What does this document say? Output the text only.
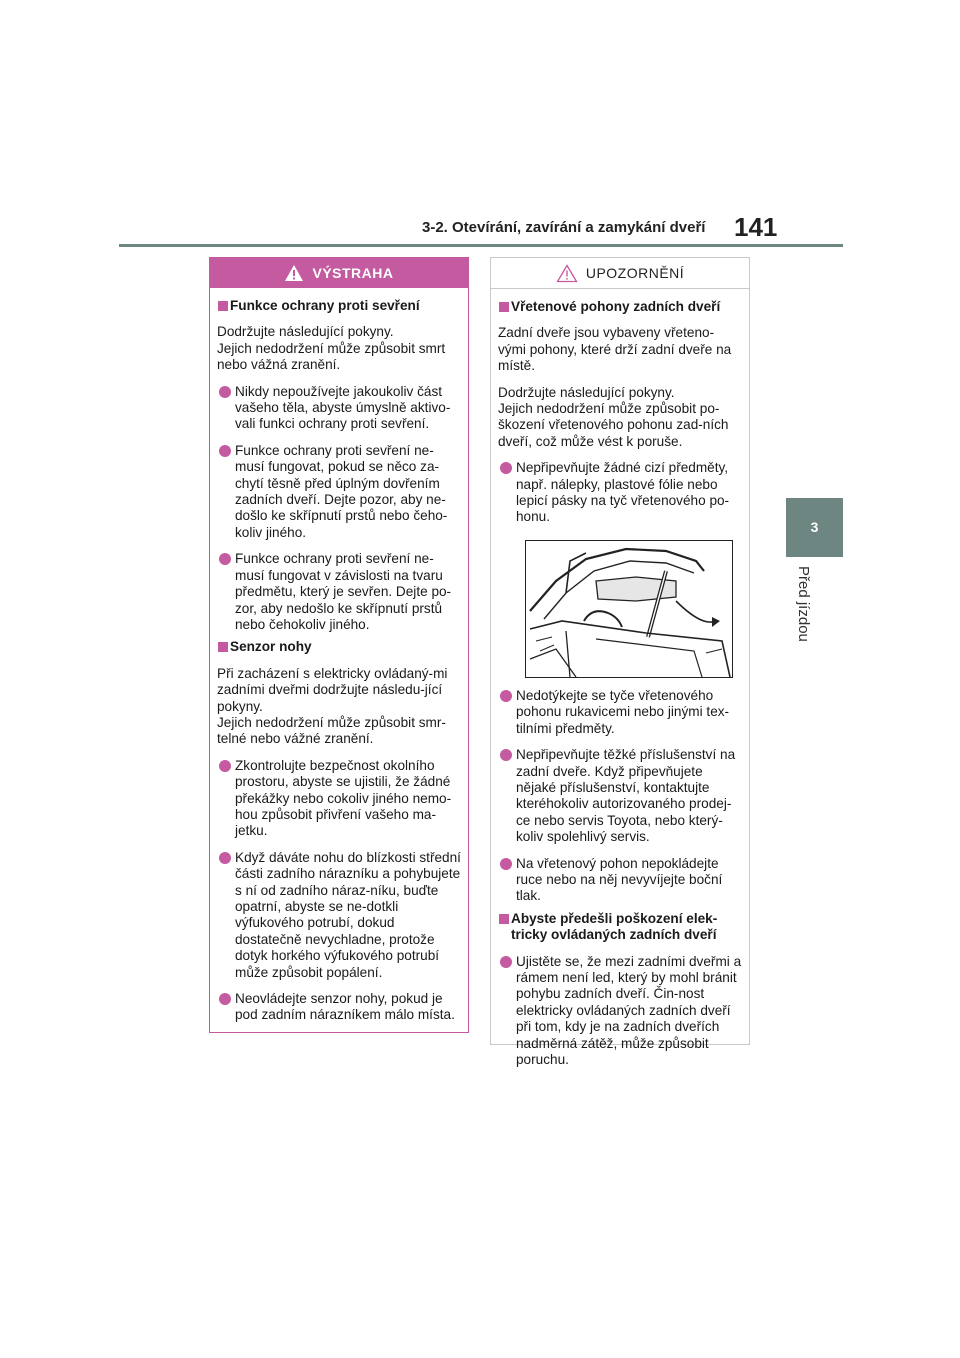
3-2. Otevírání, zavírání a zamykání dveří 141
3
Před jízdou
VÝSTRAHA
Funkce ochrany proti sevření
Dodržujte následující pokyny.
Jejich nedodržení může způsobit smrt nebo vážná zranění.
Nikdy nepoužívejte jakoukoliv část vašeho těla, abyste úmyslně aktivo-vali funkci ochrany proti sevření.
Funkce ochrany proti sevření ne-musí fungovat, pokud se něco za-chytí těsně před úplným dovřením zadních dveří. Dejte pozor, aby ne-došlo ke skřípnutí prstů nebo čeho-koliv jiného.
Funkce ochrany proti sevření ne-musí fungovat v závislosti na tvaru předmětu, který je sevřen. Dejte po-zor, aby nedošlo ke skřípnutí prstů nebo čehokoliv jiného.
Senzor nohy
Při zacházení s elektricky ovládaný-mi zadními dveřmi dodržujte následu-jící pokyny.
Jejich nedodržení může způsobit smr-telné nebo vážné zranění.
Zkontrolujte bezpečnost okolního prostoru, abyste se ujistili, že žádné překážky nebo cokoliv jiného nemo-hou způsobit přivření vašeho ma-jetku.
Když dáváte nohu do blízkosti střední části zadního nárazníku a pohybujete s ní od zadního náraz-níku, buďte opatrní, abyste se ne-dotkli výfukového potrubí, dokud dostatečně nevychladne, protože dotyk horkého výfukového potrubí může způsobit popálení.
Neovládejte senzor nohy, pokud je pod zadním nárazníkem málo místa.
UPOZORNĚNÍ
Vřetenové pohony zadních dveří
Zadní dveře jsou vybaveny vřeteno-vými pohony, které drží zadní dveře na místě.
Dodržujte následující pokyny.
Jejich nedodržení může způsobit po-škození vřetenového pohonu zad-ních dveří, což může vést k poruše.
Nepřipevňujte žádné cizí předměty, např. nálepky, plastové fólie nebo lepicí pásky na tyč vřetenového po-honu.
Nedotýkejte se tyče vřetenového pohonu rukavicemi nebo jinými tex-tilními předměty.
Nepřipevňujte těžké příslušenství na zadní dveře. Když připevňujete nějaké příslušenství, kontaktujte kteréhokoliv autorizovaného prodej-ce nebo servis Toyota, nebo který-koliv spolehlivý servis.
Na vřetenový pohon nepokládejte ruce nebo na něj nevyvíjejte boční tlak.
Abyste předešli poškození elek-tricky ovládaných zadních dveří
Ujistěte se, že mezi zadními dveřmi a rámem není led, který by mohl bránit pohybu zadních dveří. Čin-nost elektricky ovládaných zadních dveří při tom, kdy je na zadních dveřích nadměrná zátěž, může způsobit poruchu.
